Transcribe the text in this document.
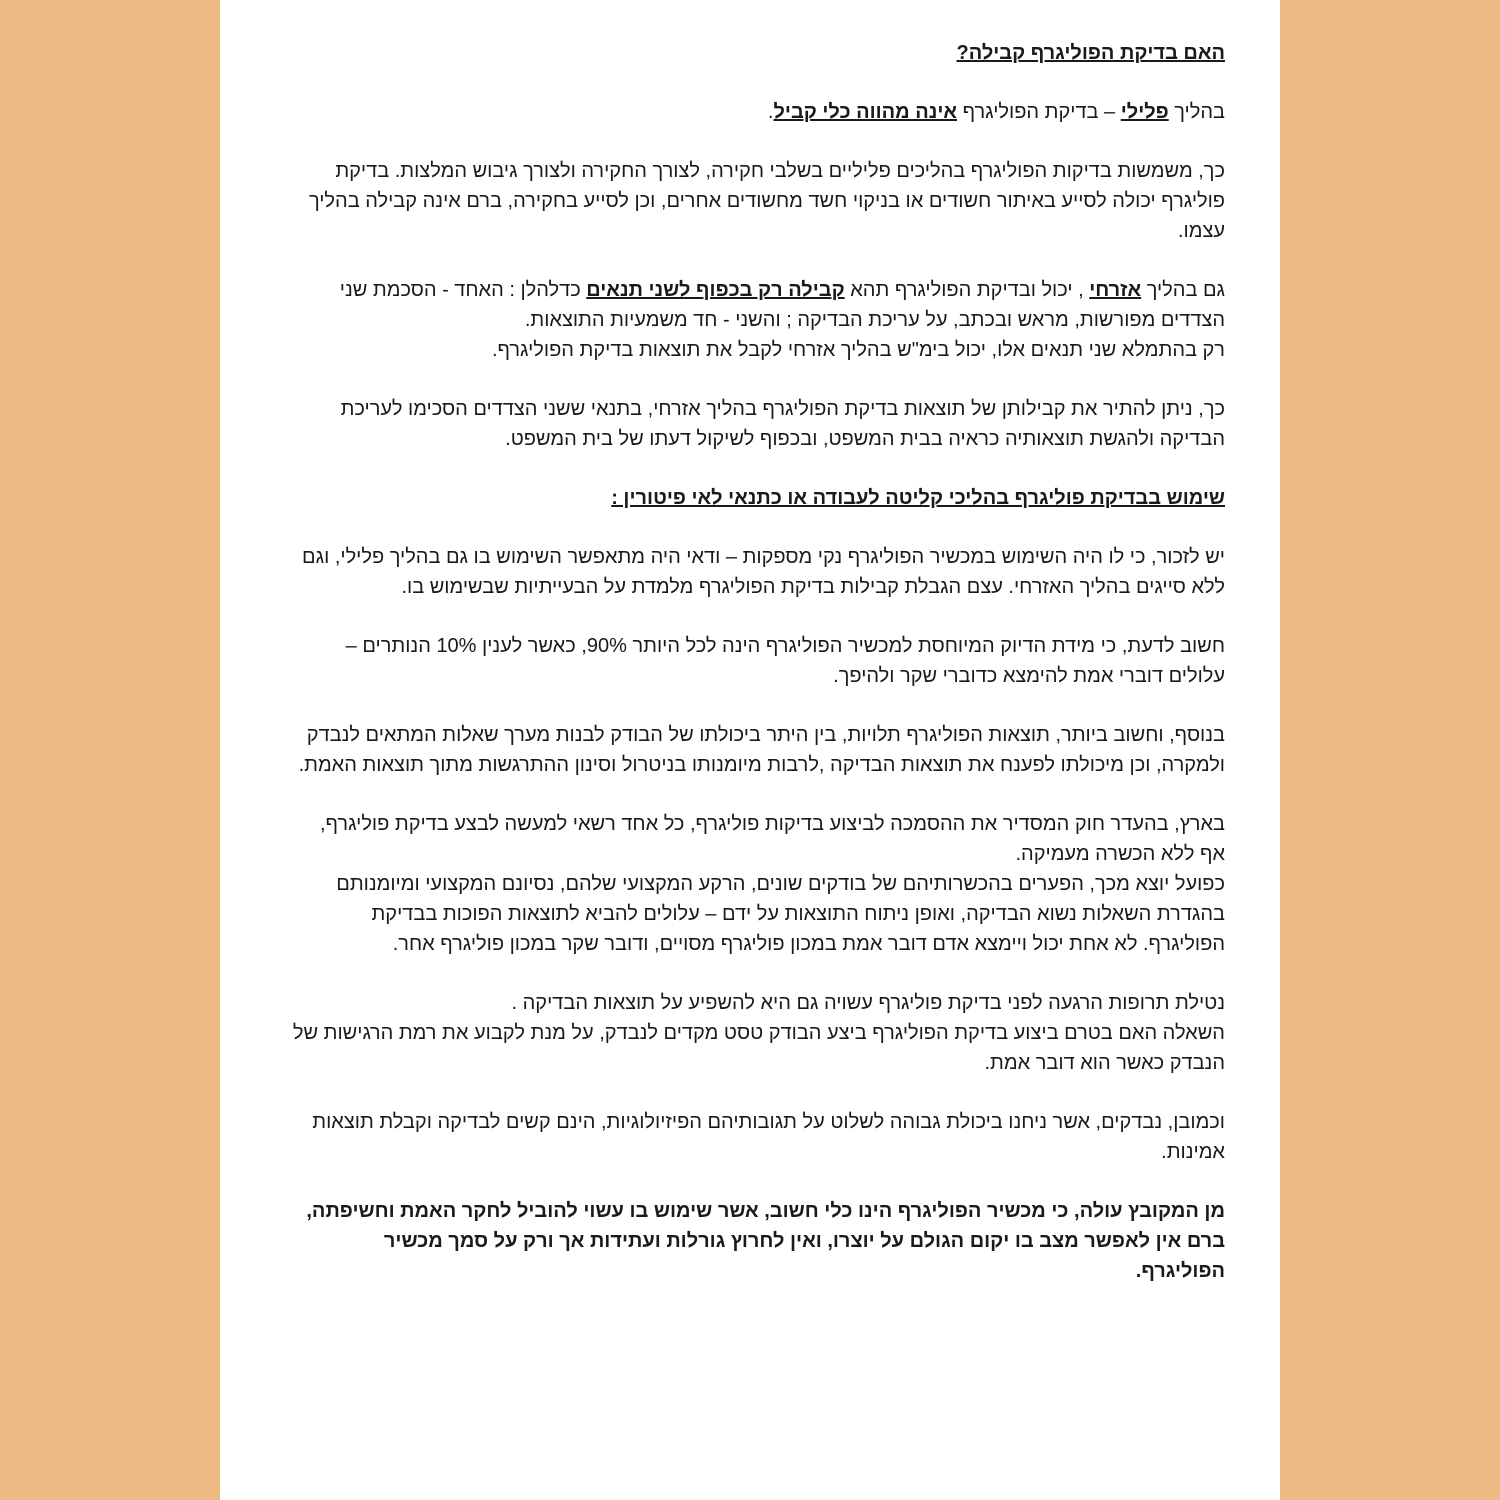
האם בדיקת הפוליגרף קבילה?

בהליך פלילי – בדיקת הפוליגרף אינה מהווה כלי קביל.

כך, משמשות בדיקות הפוליגרף בהליכים פליליים בשלבי חקירה, לצורך החקירה ולצורך גיבוש המלצות. בדיקת פוליגרף יכולה לסייע באיתור חשודים או בניקוי חשד מחשודים אחרים, וכן לסייע בחקירה, ברם אינה קבילה בהליך עצמו.

גם בהליך אזרחי , יכול ובדיקת הפוליגרף תהא קבילה רק בכפוף לשני תנאים כדלהלן : האחד - הסכמת שני הצדדים מפורשות, מראש ובכתב, על עריכת הבדיקה ; והשני - חד משמעיות התוצאות.

רק בהתמלא שני תנאים אלו, יכול בימ"ש בהליך אזרחי לקבל את תוצאות בדיקת הפוליגרף.

כך, ניתן להתיר את קבילותן של תוצאות בדיקת הפוליגרף בהליך אזרחי, בתנאי ששני הצדדים הסכימו לעריכת הבדיקה ולהגשת תוצאותיה כראיה בבית המשפט, ובכפוף לשיקול דעתו של בית המשפט.

שימוש בבדיקת פוליגרף בהליכי קליטה לעבודה או כתנאי לאי פיטורין :

יש לזכור, כי לו היה השימוש במכשיר הפוליגרף נקי מספקות – ודאי היה מתאפשר השימוש בו גם בהליך פלילי, וגם ללא סייגים בהליך האזרחי. עצם הגבלת קבילות בדיקת הפוליגרף מלמדת על הבעייתיות שבשימוש בו.

חשוב לדעת, כי מידת הדיוק המיוחסת למכשיר הפוליגרף הינה לכל היותר 90%, כאשר לענין 10% הנותרים – עלולים דוברי אמת להימצא כדוברי שקר ולהיפך.

בנוסף, וחשוב ביותר, תוצאות הפוליגרף תלויות, בין היתר ביכולתו של הבודק לבנות מערך שאלות המתאים לנבדק ולמקרה, וכן מיכולתו לפענח את תוצאות הבדיקה ,לרבות מיומנותו בניטרול וסינון ההתרגשות מתוך תוצאות האמת.

בארץ, בהעדר חוק המסדיר את ההסמכה לביצוע בדיקות פוליגרף, כל אחד רשאי למעשה לבצע בדיקת פוליגרף, אף ללא הכשרה מעמיקה.

כפועל יוצא מכך, הפערים בהכשרותיהם של בודקים שונים, הרקע המקצועי שלהם, נסיונם המקצועי ומיומנותם בהגדרת השאלות נשוא הבדיקה, ואופן ניתוח התוצאות על ידם – עלולים להביא לתוצאות הפוכות בבדיקת הפוליגרף. לא אחת יכול ויימצא אדם דובר אמת במכון פוליגרף מסויים, ודובר שקר במכון פוליגרף אחר.

נטילת תרופות הרגעה לפני בדיקת פוליגרף עשויה גם היא להשפיע על תוצאות הבדיקה .

השאלה האם בטרם ביצוע בדיקת הפוליגרף ביצע הבודק טסט מקדים לנבדק, על מנת לקבוע את רמת הרגישות של הנבדק כאשר הוא דובר אמת.

וכמובן, נבדקים, אשר ניחנו ביכולת גבוהה לשלוט על תגובותיהם הפיזיולוגיות, הינם קשים לבדיקה וקבלת תוצאות אמינות.

מן המקובץ עולה, כי מכשיר הפוליגרף הינו כלי חשוב, אשר שימוש בו עשוי להוביל לחקר האמת וחשיפתה, ברם אין לאפשר מצב בו יקום הגולם על יוצרו, ואין לחרוץ גורלות ועתידות אך ורק על סמך מכשיר הפוליגרף.
